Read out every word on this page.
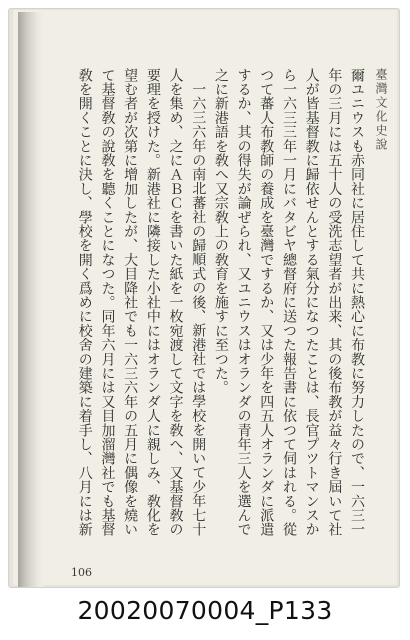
爾ユニウスも赤同社に居住して共に熱心に布教に努力したので、一六三一
年の三月には五十人の受洗志望者が出来、其の後布教が益々行き屆いて社
人が皆基督教に歸依せんとする氣分になつたことは、長官プツトマンスか
ら一六三三年一月にバタビヤ總督府に送つた報告書に依つて伺はれる。從
つて蕃人布教師の養成を臺灣でするか、又は少年を四五人オランダに派遣
するか、其の得失が論ぜられ、又ユニウスはオランダの青年三人を選んで
之に新港語を敎へ又宗敎上の敎育を施すに至つた。
一六三六年の南北蕃社の歸順式の後、新港社では學校を開いて少年七十
人を集め、之にＡＢＣを書いた紙を一枚宛渡して文字を敎へ、又基督敎の
要理を授けた。新港社に隣接した小社中にはオランダ人に親しみ、敎化を
望む者が次第に增加したが、大目降社でも一六三六年の五月に偶像を燒い
て基督敎の說敎を聽くことになつた。同年六月には又目加溜灣社でも基督
敎を開くことに決し、學校を開く爲めに校舍の建築に着手し、八月には新	臺灣文化史說
106
20020070004_P133
